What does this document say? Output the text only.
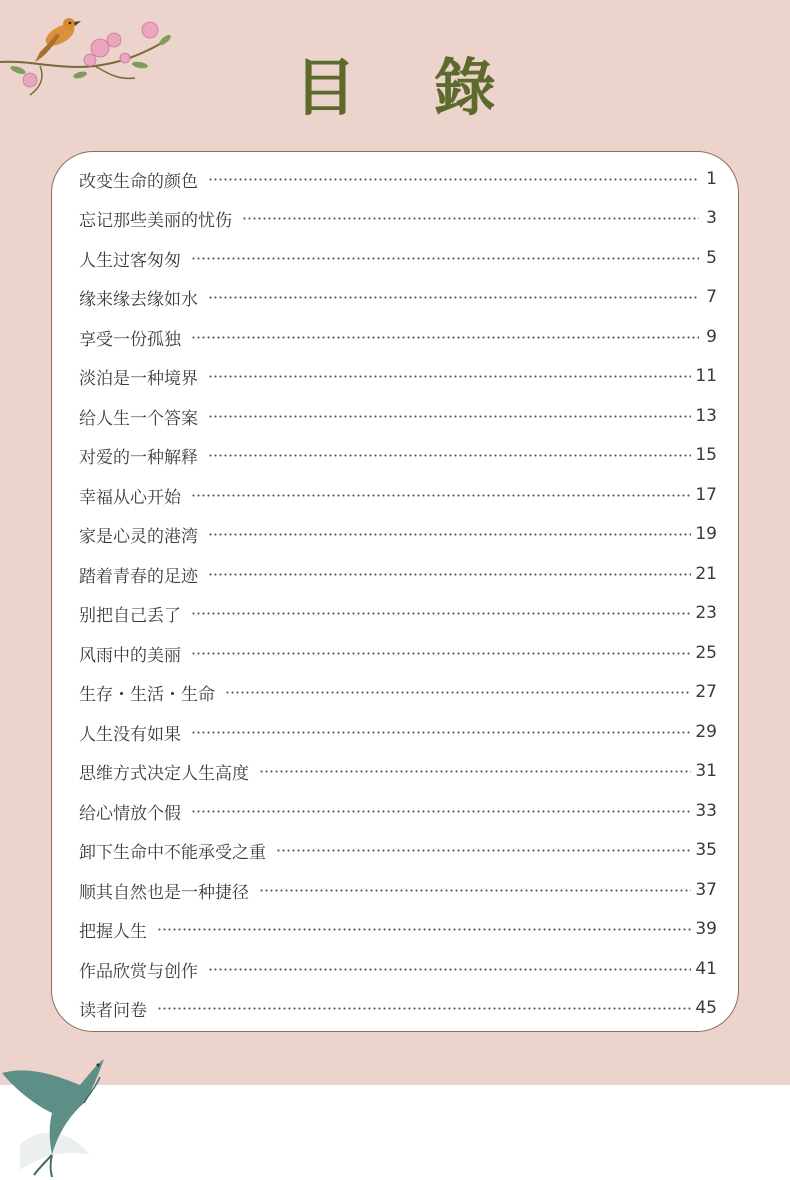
目 錄
改变生命的颜色	1
忘记那些美丽的忧伤	3
人生过客匆匆	5
缘来缘去缘如水	7
享受一份孤独	9
淡泊是一种境界	11
给人生一个答案	13
对爱的一种解释	15
幸福从心开始	17
家是心灵的港湾	19
踏着青春的足迹	21
别把自己丢了	23
风雨中的美丽	25
生存・生活・生命	27
人生没有如果	29
思维方式决定人生高度	31
给心情放个假	33
卸下生命中不能承受之重	35
顺其自然也是一种捷径	37
把握人生	39
作品欣赏与创作	41
读者问卷	45
